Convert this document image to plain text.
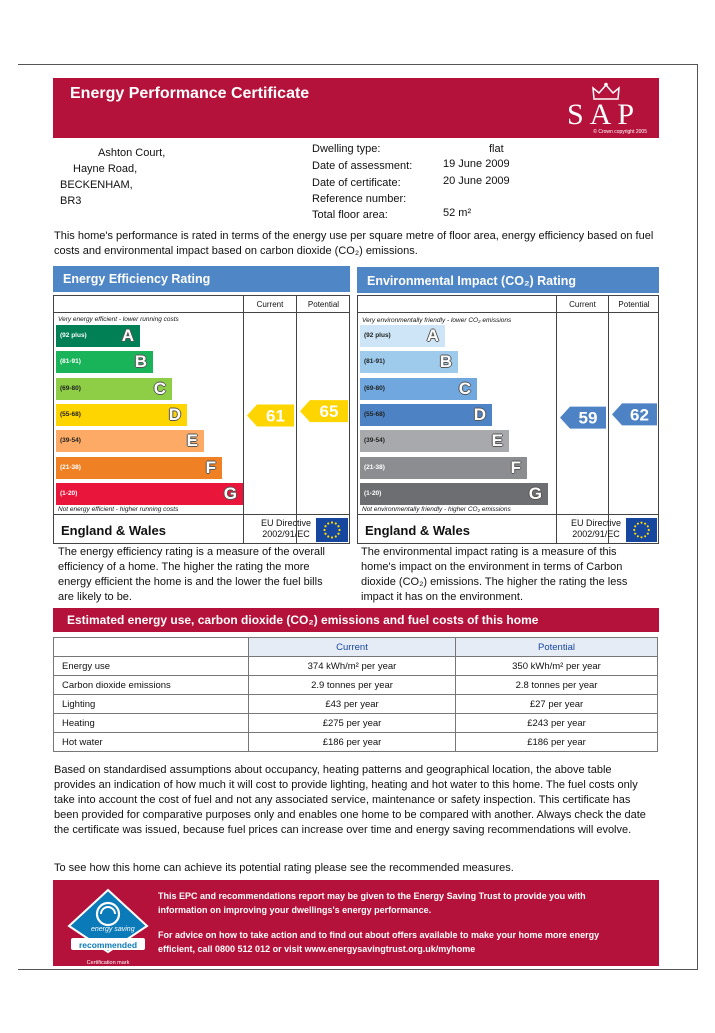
Energy Performance Certificate
SAP
© Crown copyright 2005
Ashton Court,
Hayne Road,
BECKENHAM,
BR3
Dwelling type:	flat
Date of assessment:	19 June 2009
Date of certificate:	20 June 2009
Reference number:
Total floor area:	52 m²
This home's performance is rated in terms of the energy use per square metre of floor area, energy efficiency based on fuel costs and environmental impact based on carbon dioxide (CO₂) emissions.
Energy Efficiency Rating
Current	Potential
Very energy efficient - lower running costs
(92 plus) A
(81-91)	B
(69-80)	C
(55-68)	D
(39-54)	E
(21-38)	F
(1-20)	G
Not energy efficient - higher running costs
England & Wales	EU Directive
2002/91/EC
61 65
The energy efficiency rating is a measure of the overall efficiency of a home. The higher the rating the more energy efficient the home is and the lower the fuel bills are likely to be.
Environmental Impact (CO₂) Rating
Current	Potential
Very environmentally friendly - lower CO₂ emissions
(92 plus) A
(81-91)	B
(69-80)	C
(55-68)	D
(39-54)	E
(21-38)	F
(1-20)	G
Not environmentally friendly - higher CO₂ emissions
England & Wales	EU Directive
2002/91/EC
59 62
The environmental impact rating is a measure of this home's impact on the environment in terms of Carbon dioxide (CO₂) emissions. The higher the rating the less impact it has on the environment.
Estimated energy use, carbon dioxide (CO₂) emissions and fuel costs of this home
	Current	Potential
Energy use	374 kWh/m² per year	350 kWh/m² per year
Carbon dioxide emissions	2.9 tonnes per year	2.8 tonnes per year
Lighting	£43 per year	£27 per year
Heating	£275 per year	£243 per year
Hot water	£186 per year	£186 per year
Based on standardised assumptions about occupancy, heating patterns and geographical location, the above table provides an indication of how much it will cost to provide lighting, heating and hot water to this home. The fuel costs only take into account the cost of fuel and not any associated service, maintenance or safety inspection. This certificate has been provided for comparative purposes only and enables one home to be compared with another. Always check the date the certificate was issued, because fuel prices can increase over time and energy saving recommendations will evolve.
To see how this home can achieve its potential rating please see the recommended measures.
energy saving
recommended
Certification mark
This EPC and recommendations report may be given to the Energy Saving Trust to provide you with information on improving your dwellings's energy performance.
For advice on how to take action and to find out about offers available to make your home more energy efficient, call 0800 512 012 or visit www.energysavingtrust.org.uk/myhome
